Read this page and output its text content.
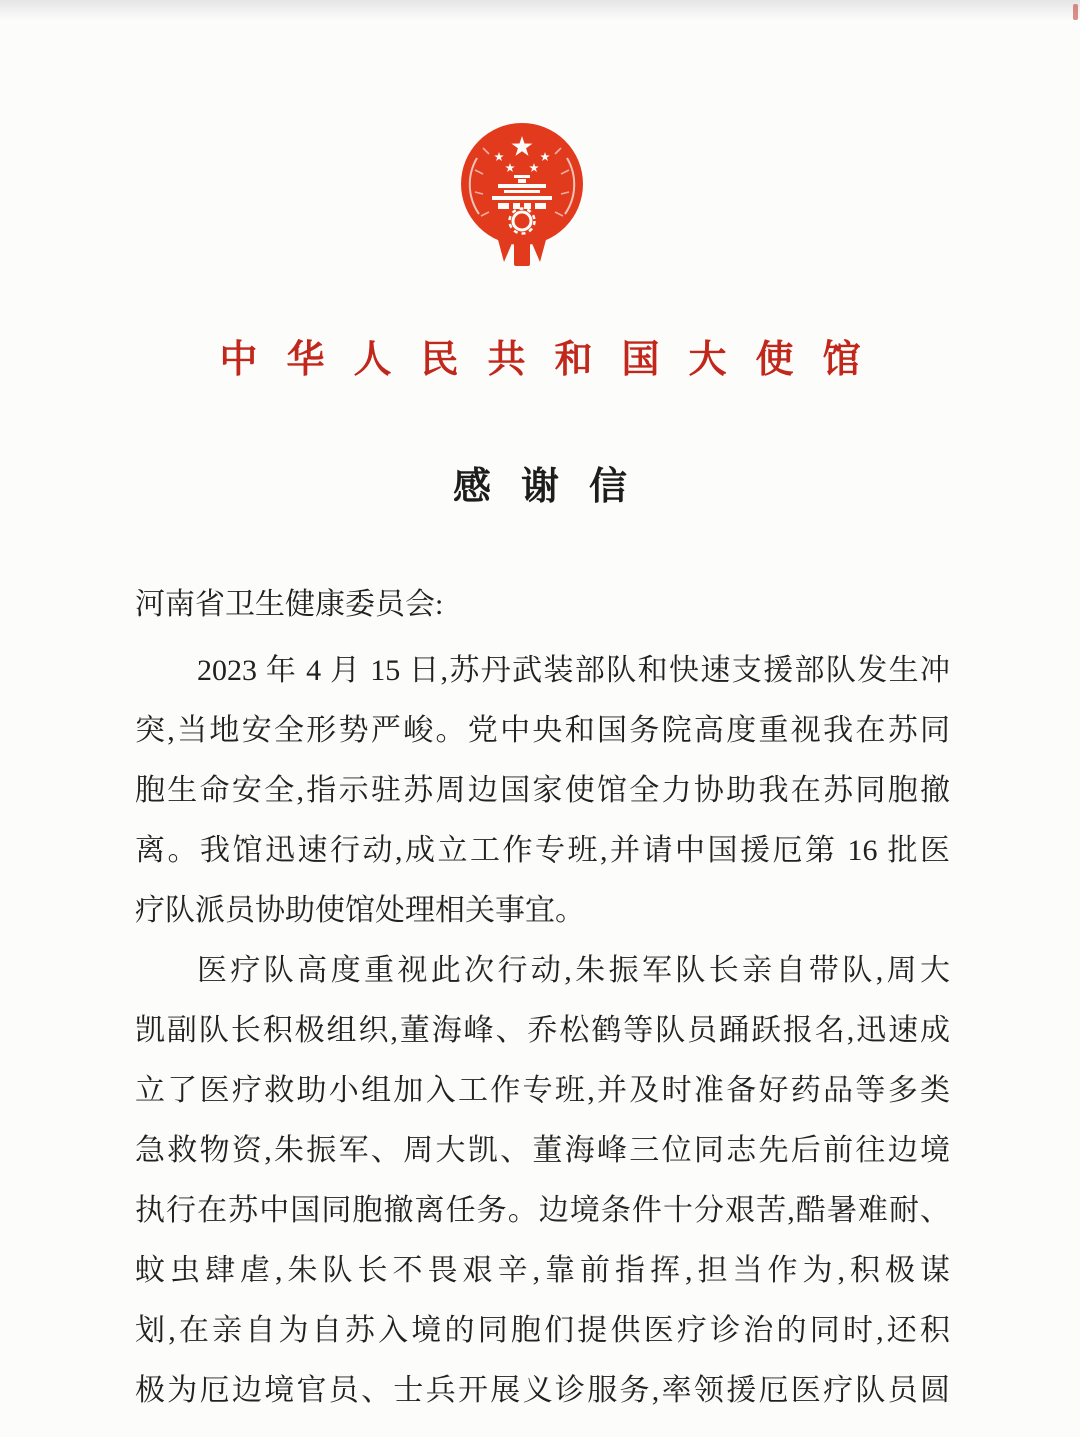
中华人民共和国大使馆
感谢信
河南省卫生健康委员会:
2023 年 4 月 15 日,苏丹武装部队和快速支援部队发生冲
突,当地安全形势严峻。党中央和国务院高度重视我在苏同
胞生命安全,指示驻苏周边国家使馆全力协助我在苏同胞撤
离。我馆迅速行动,成立工作专班,并请中国援厄第 16 批医
疗队派员协助使馆处理相关事宜。
医疗队高度重视此次行动,朱振军队长亲自带队,周大
凯副队长积极组织,董海峰、乔松鹤等队员踊跃报名,迅速成
立了医疗救助小组加入工作专班,并及时准备好药品等多类
急救物资,朱振军、周大凯、董海峰三位同志先后前往边境
执行在苏中国同胞撤离任务。边境条件十分艰苦,酷暑难耐、
蚊虫肆虐,朱队长不畏艰辛,靠前指挥,担当作为,积极谋
划,在亲自为自苏入境的同胞们提供医疗诊治的同时,还积
极为厄边境官员、士兵开展义诊服务,率领援厄医疗队员圆
